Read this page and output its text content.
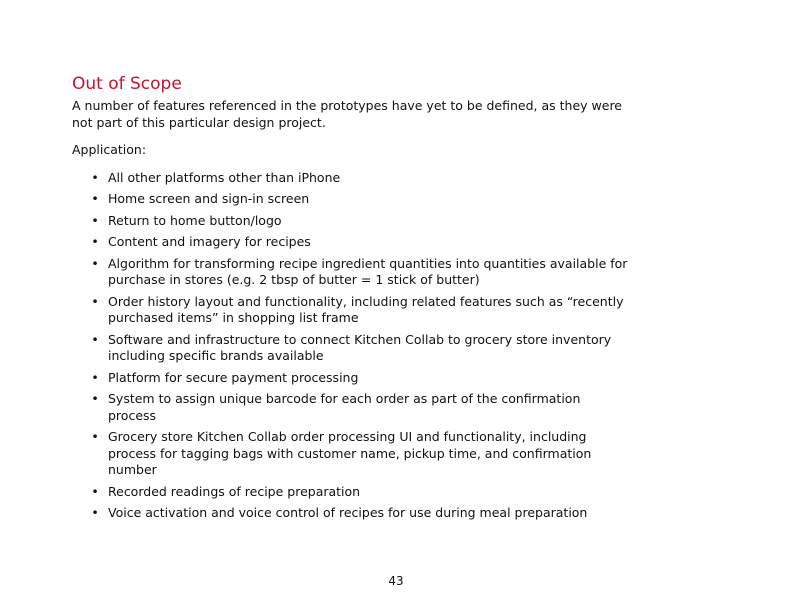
Out of Scope

A number of features referenced in the prototypes have yet to be defined, as they were not part of this particular design project.

Application:

• All other platforms other than iPhone
• Home screen and sign-in screen
• Return to home button/logo
• Content and imagery for recipes
• Algorithm for transforming recipe ingredient quantities into quantities available for purchase in stores (e.g. 2 tbsp of butter = 1 stick of butter)
• Order history layout and functionality, including related features such as “recently purchased items” in shopping list frame
• Software and infrastructure to connect Kitchen Collab to grocery store inventory including specific brands available
• Platform for secure payment processing
• System to assign unique barcode for each order as part of the confirmation process
• Grocery store Kitchen Collab order processing UI and functionality, including process for tagging bags with customer name, pickup time, and confirmation number
• Recorded readings of recipe preparation
• Voice activation and voice control of recipes for use during meal preparation
43
